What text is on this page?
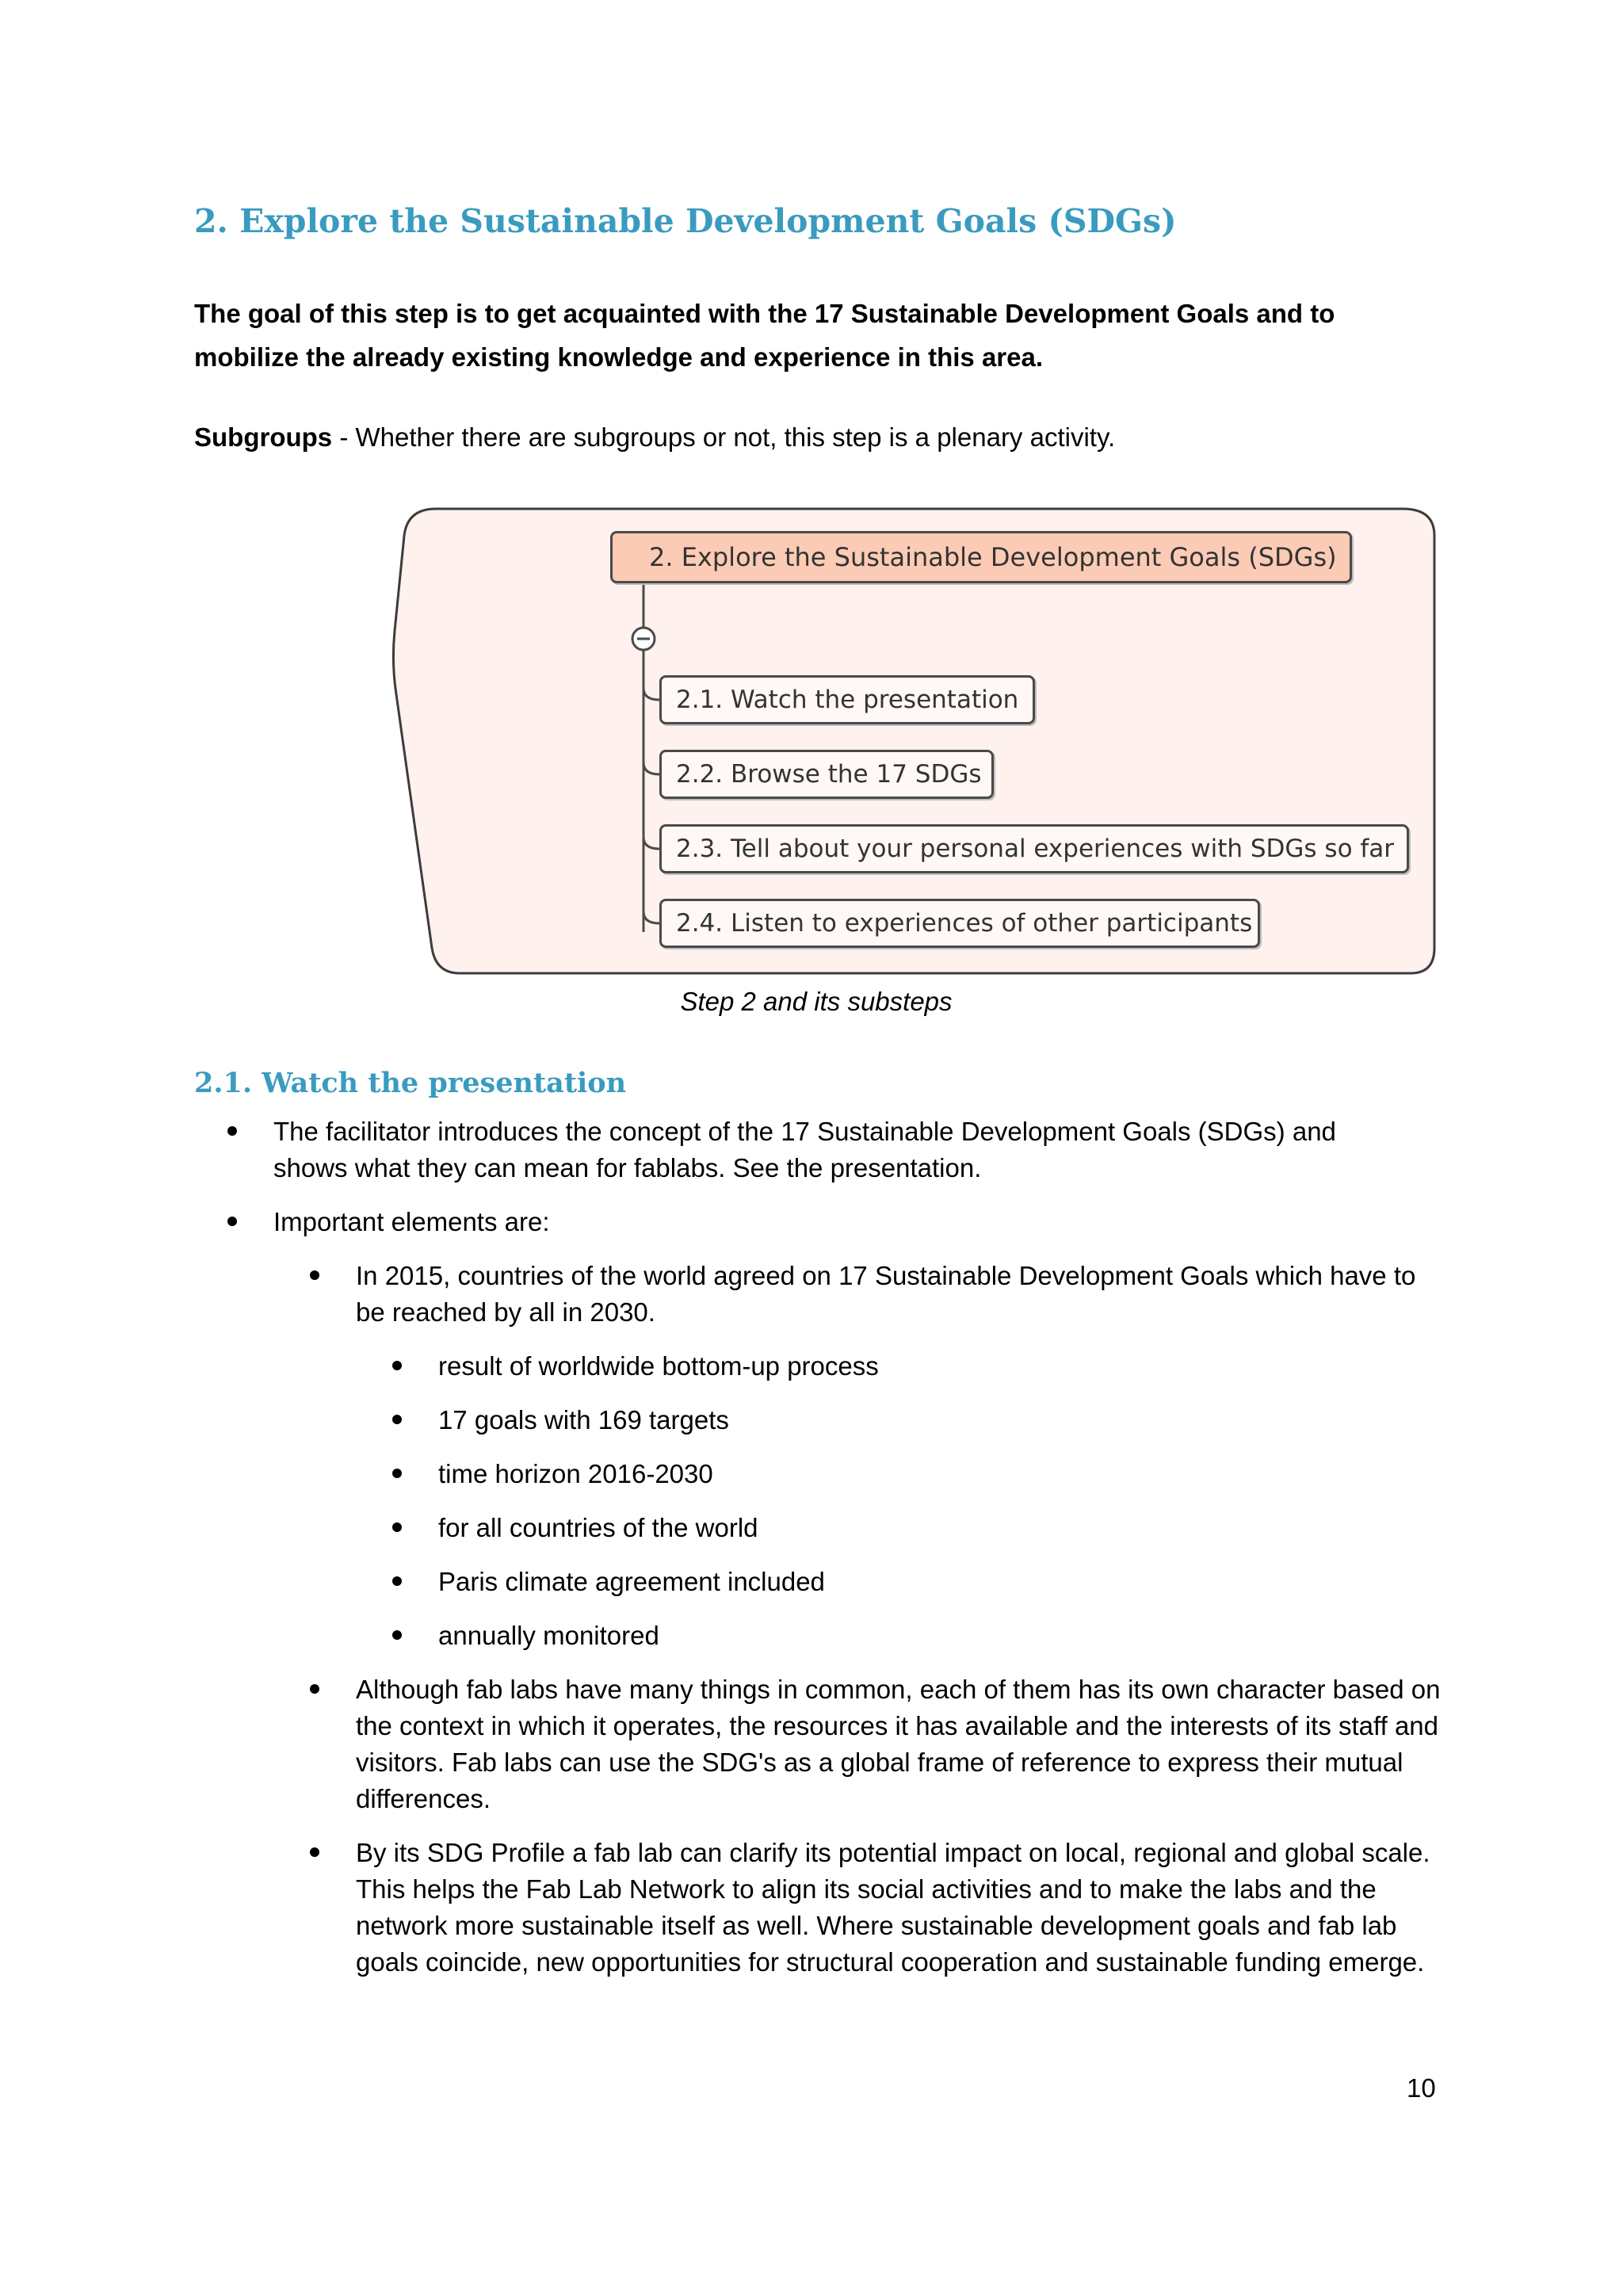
2. Explore the Sustainable Development Goals (SDGs)

The goal of this step is to get acquainted with the 17 Sustainable Development Goals and to mobilize the already existing knowledge and experience in this area.

Subgroups - Whether there are subgroups or not, this step is a plenary activity.

2. Explore the Sustainable Development Goals (SDGs)
2.1. Watch the presentation
2.2. Browse the 17 SDGs
2.3. Tell about your personal experiences with SDGs so far
2.4. Listen to experiences of other participants

Step 2 and its substeps

2.1. Watch the presentation

The facilitator introduces the concept of the 17 Sustainable Development Goals (SDGs) and shows what they can mean for fablabs. See the presentation.

Important elements are:

In 2015, countries of the world agreed on 17 Sustainable Development Goals which have to be reached by all in 2030.

result of worldwide bottom-up process

17 goals with 169 targets

time horizon 2016-2030

for all countries of the world

Paris climate agreement included

annually monitored

Although fab labs have many things in common, each of them has its own character based on the context in which it operates, the resources it has available and the interests of its staff and visitors. Fab labs can use the SDG's as a global frame of reference to express their mutual differences.

By its SDG Profile a fab lab can clarify its potential impact on local, regional and global scale. This helps the Fab Lab Network to align its social activities and to make the labs and the network more sustainable itself as well. Where sustainable development goals and fab lab goals coincide, new opportunities for structural cooperation and sustainable funding emerge.

10
